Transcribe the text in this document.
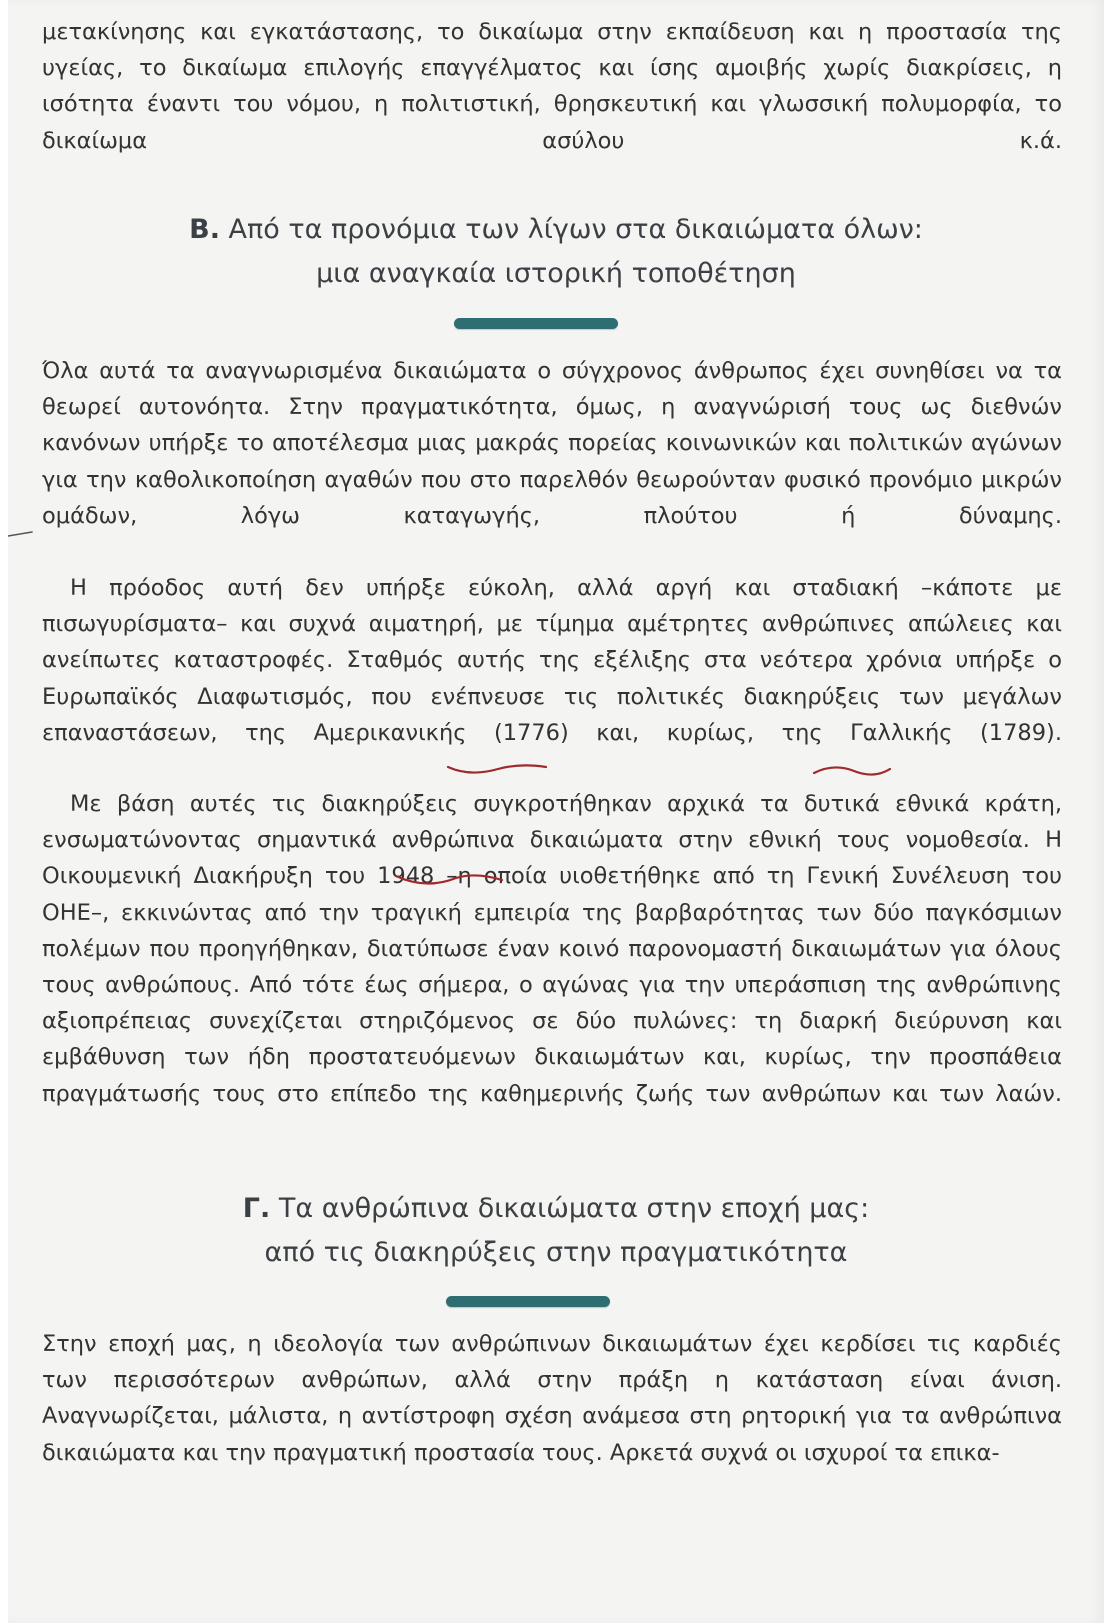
μετακίνησης και εγκατάστασης, το δικαίωμα στην εκπαίδευση και η προστασία της υγείας, το δικαίωμα επιλογής επαγγέλματος και ίσης αμοιβής χωρίς διακρίσεις, η ισότητα έναντι του νόμου, η πολιτιστική, θρησκευτική και γλωσσική πολυμορφία, το δικαίωμα ασύλου κ.ά.

Β. Από τα προνόμια των λίγων στα δικαιώματα όλων:
μια αναγκαία ιστορική τοποθέτηση

Όλα αυτά τα αναγνωρισμένα δικαιώματα ο σύγχρονος άνθρωπος έχει συνηθίσει να τα θεωρεί αυτονόητα. Στην πραγματικότητα, όμως, η αναγνώρισή τους ως διεθνών κανόνων υπήρξε το αποτέλεσμα μιας μακράς πορείας κοινωνικών και πολιτικών αγώνων για την καθολικοποίηση αγαθών που στο παρελθόν θεωρούνταν φυσικό προνόμιο μικρών ομάδων, λόγω καταγωγής, πλούτου ή δύναμης.

Η πρόοδος αυτή δεν υπήρξε εύκολη, αλλά αργή και σταδιακή –κάποτε με πισωγυρίσματα– και συχνά αιματηρή, με τίμημα αμέτρητες ανθρώπινες απώλειες και ανείπωτες καταστροφές. Σταθμός αυτής της εξέλιξης στα νεότερα χρόνια υπήρξε ο Ευρωπαϊκός Διαφωτισμός, που ενέπνευσε τις πολιτικές διακηρύξεις των μεγάλων επαναστάσεων, της Αμερικανικής (1776) και, κυρίως, της Γαλλικής (1789).

Με βάση αυτές τις διακηρύξεις συγκροτήθηκαν αρχικά τα δυτικά εθνικά κράτη, ενσωματώνοντας σημαντικά ανθρώπινα δικαιώματα στην εθνική τους νομοθεσία. Η Οικουμενική Διακήρυξη του 1948 –η οποία υιοθετήθηκε από τη Γενική Συνέλευση του ΟΗΕ–, εκκινώντας από την τραγική εμπειρία της βαρβαρότητας των δύο παγκόσμιων πολέμων που προηγήθηκαν, διατύπωσε έναν κοινό παρονομαστή δικαιωμάτων για όλους τους ανθρώπους. Από τότε έως σήμερα, ο αγώνας για την υπεράσπιση της ανθρώπινης αξιοπρέπειας συνεχίζεται στηριζόμενος σε δύο πυλώνες: τη διαρκή διεύρυνση και εμβάθυνση των ήδη προστατευόμενων δικαιωμάτων και, κυρίως, την προσπάθεια πραγμάτωσής τους στο επίπεδο της καθημερινής ζωής των ανθρώπων και των λαών.

Γ. Τα ανθρώπινα δικαιώματα στην εποχή μας:
από τις διακηρύξεις στην πραγματικότητα

Στην εποχή μας, η ιδεολογία των ανθρώπινων δικαιωμάτων έχει κερδίσει τις καρδιές των περισσότερων ανθρώπων, αλλά στην πράξη η κατάσταση είναι άνιση. Αναγνωρίζεται, μάλιστα, η αντίστροφη σχέση ανάμεσα στη ρητορική για τα ανθρώπινα δικαιώματα και την πραγματική προστασία τους. Αρκετά συχνά οι ισχυροί τα επικα-
